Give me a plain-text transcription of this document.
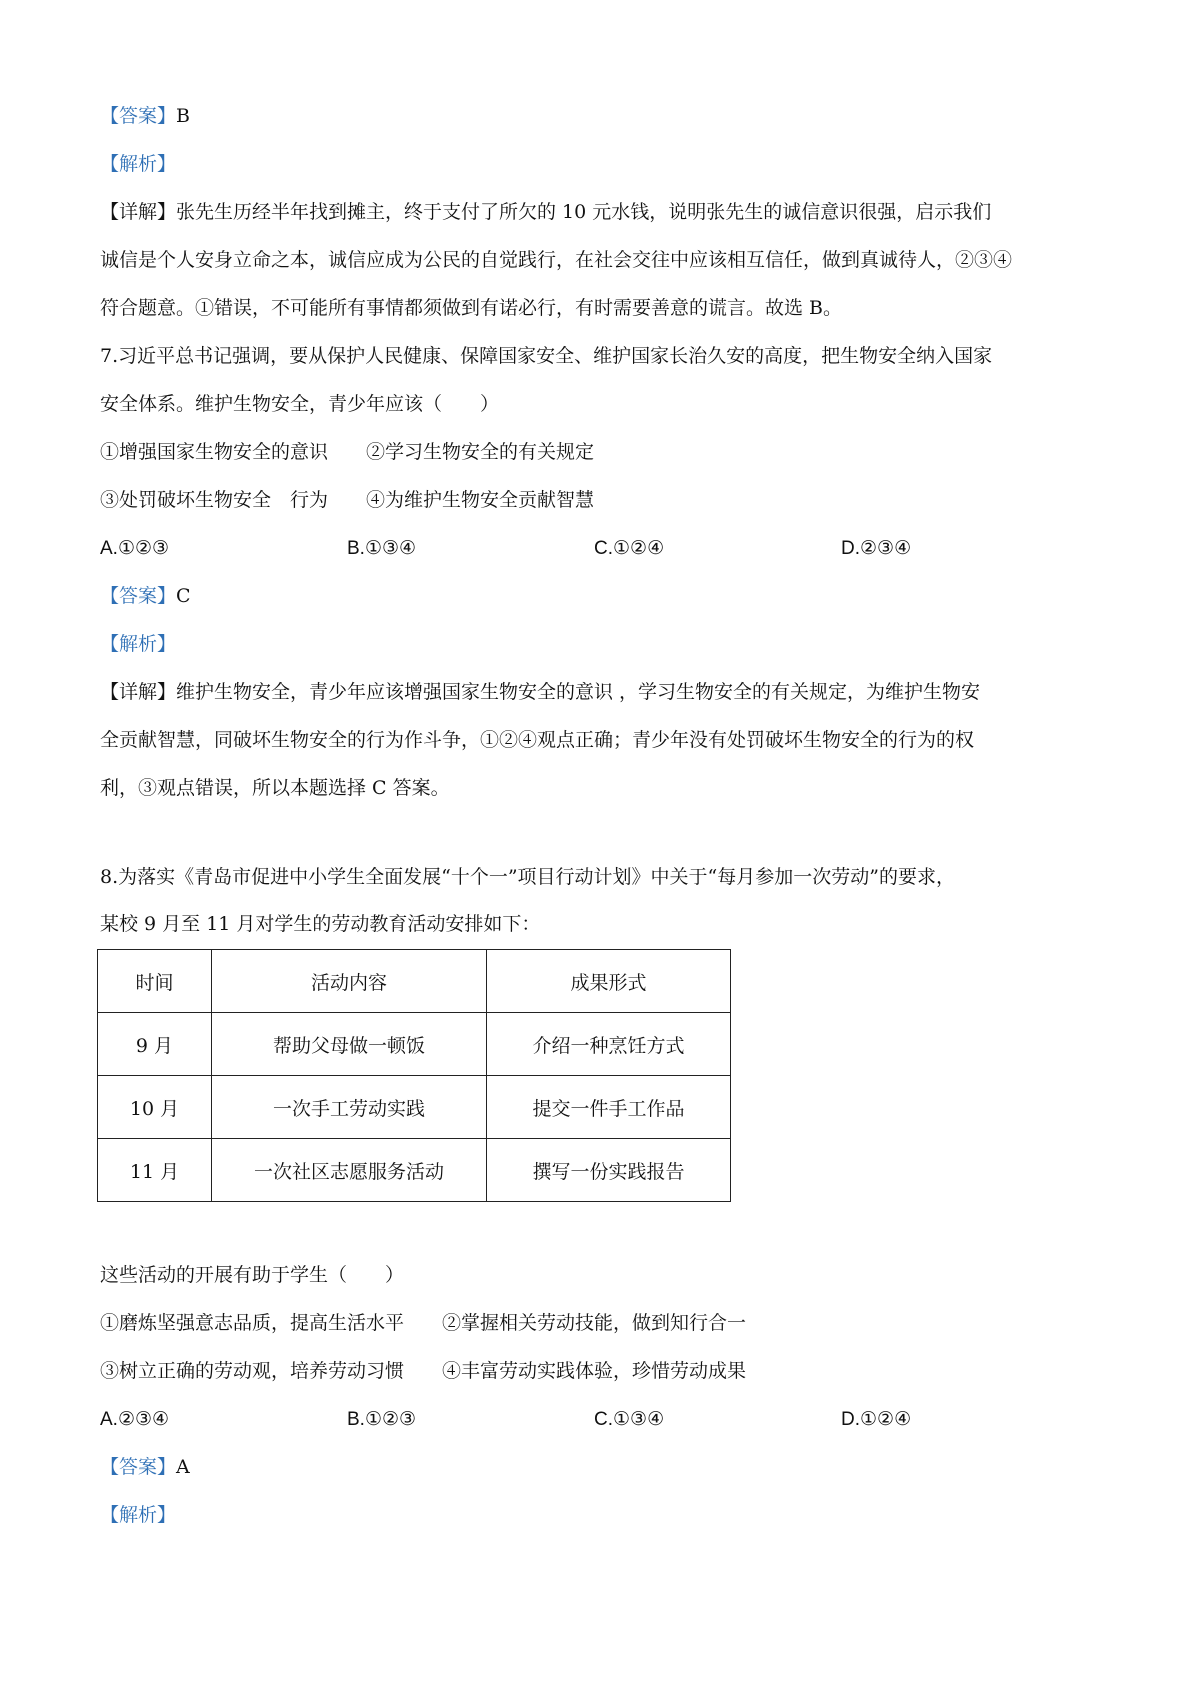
【答案】B
【解析】
【详解】张先生历经半年找到摊主，终于支付了所欠的 10 元水钱，说明张先生的诚信意识很强，启示我们
诚信是个人安身立命之本，诚信应成为公民的自觉践行，在社会交往中应该相互信任，做到真诚待人，②③④
符合题意。①错误，不可能所有事情都须做到有诺必行，有时需要善意的谎言。故选 B。
7.习近平总书记强调，要从保护人民健康、保障国家安全、维护国家长治久安的高度，把生物安全纳入国家
安全体系。维护生物安全，青少年应该（　　）
①增强国家生物安全的意识　　②学习生物安全的有关规定
③处罚破坏生物安全　行为　　④为维护生物安全贡献智慧
A.①②③	B.①③④	C.①②④	D.②③④
【答案】C
【解析】
【详解】维护生物安全，青少年应该增强国家生物安全的意识 ，学习生物安全的有关规定，为维护生物安
全贡献智慧，同破坏生物安全的行为作斗争，①②④观点正确；青少年没有处罚破坏生物安全的行为的权
利，③观点错误，所以本题选择 C 答案。
8.为落实《青岛市促进中小学生全面发展“十个一”项目行动计划》中关于“每月参加一次劳动”的要求，
某校 9 月至 11 月对学生的劳动教育活动安排如下：
时间	活动内容	成果形式
9 月	帮助父母做一顿饭	介绍一种烹饪方式
10 月	一次手工劳动实践	提交一件手工作品
11 月	一次社区志愿服务活动	撰写一份实践报告
这些活动的开展有助于学生（　　）
①磨炼坚强意志品质，提高生活水平　　②掌握相关劳动技能，做到知行合一
③树立正确的劳动观，培养劳动习惯　　④丰富劳动实践体验，珍惜劳动成果
A.②③④	B.①②③	C.①③④	D.①②④
【答案】A
【解析】
